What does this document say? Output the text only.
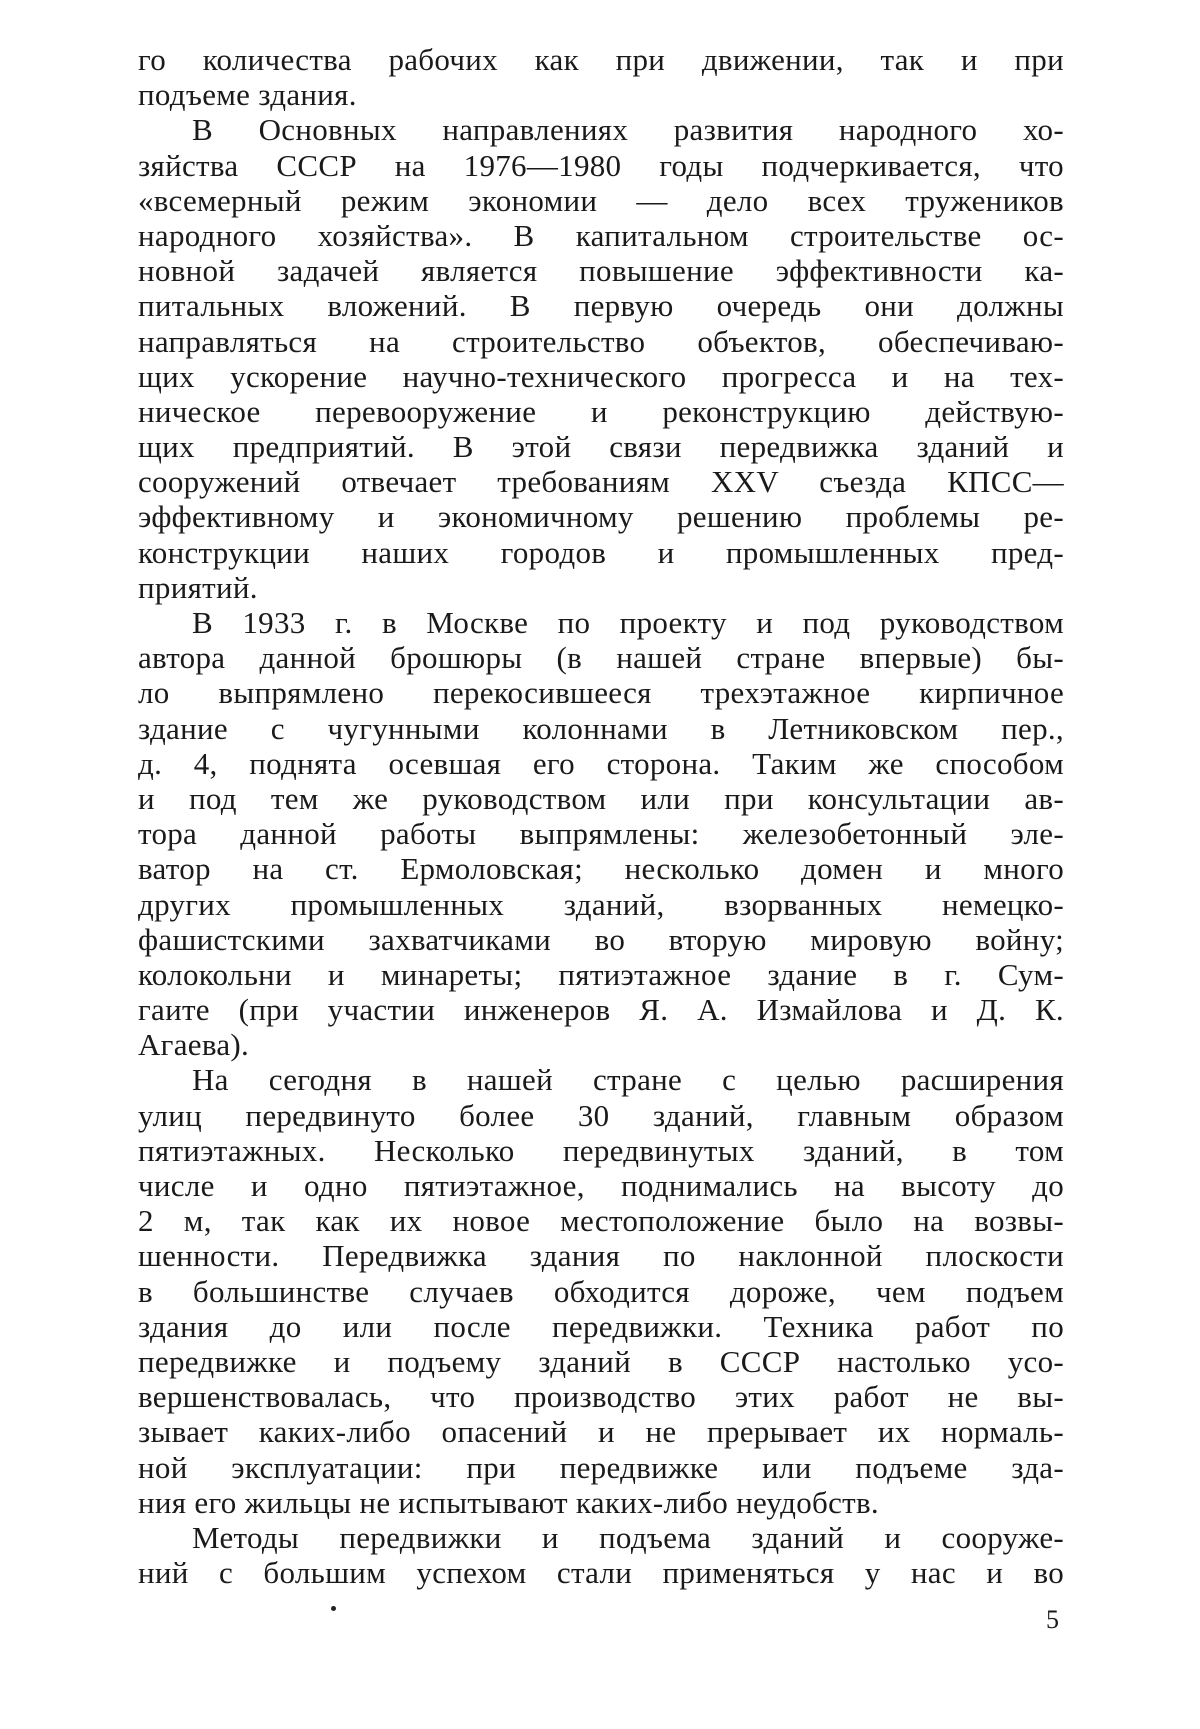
го количества рабочих как при движении, так и при
подъеме здания.
В Основных направлениях развития народного хо-
зяйства СССР на 1976—1980 годы подчеркивается, что
«всемерный режим экономии — дело всех тружеников
народного хозяйства». В капитальном строительстве ос-
новной задачей является повышение эффективности ка-
питальных вложений. В первую очередь они должны
направляться на строительство объектов, обеспечиваю-
щих ускорение научно-технического прогресса и на тех-
ническое перевооружение и реконструкцию действую-
щих предприятий. В этой связи передвижка зданий и
сооружений отвечает требованиям XXV съезда КПСС—
эффективному и экономичному решению проблемы ре-
конструкции наших городов и промышленных пред-
приятий.
В 1933 г. в Москве по проекту и под руководством
автора данной брошюры (в нашей стране впервые) бы-
ло выпрямлено перекосившееся трехэтажное кирпичное
здание с чугунными колоннами в Летниковском пер.,
д. 4, поднята осевшая его сторона. Таким же способом
и под тем же руководством или при консультации ав-
тора данной работы выпрямлены: железобетонный эле-
ватор на ст. Ермоловская; несколько домен и много
других промышленных зданий, взорванных немецко-
фашистскими захватчиками во вторую мировую войну;
колокольни и минареты; пятиэтажное здание в г. Сум-
гаите (при участии инженеров Я. А. Измайлова и Д. К.
Агаева).
На сегодня в нашей стране с целью расширения
улиц передвинуто более 30 зданий, главным образом
пятиэтажных. Несколько передвинутых зданий, в том
числе и одно пятиэтажное, поднимались на высоту до
2 м, так как их новое местоположение было на возвы-
шенности. Передвижка здания по наклонной плоскости
в большинстве случаев обходится дороже, чем подъем
здания до или после передвижки. Техника работ по
передвижке и подъему зданий в СССР настолько усо-
вершенствовалась, что производство этих работ не вы-
зывает каких-либо опасений и не прерывает их нормаль-
ной эксплуатации: при передвижке или подъеме зда-
ния его жильцы не испытывают каких-либо неудобств.
Методы передвижки и подъема зданий и сооруже-
ний с большим успехом стали применяться у нас и во
5
